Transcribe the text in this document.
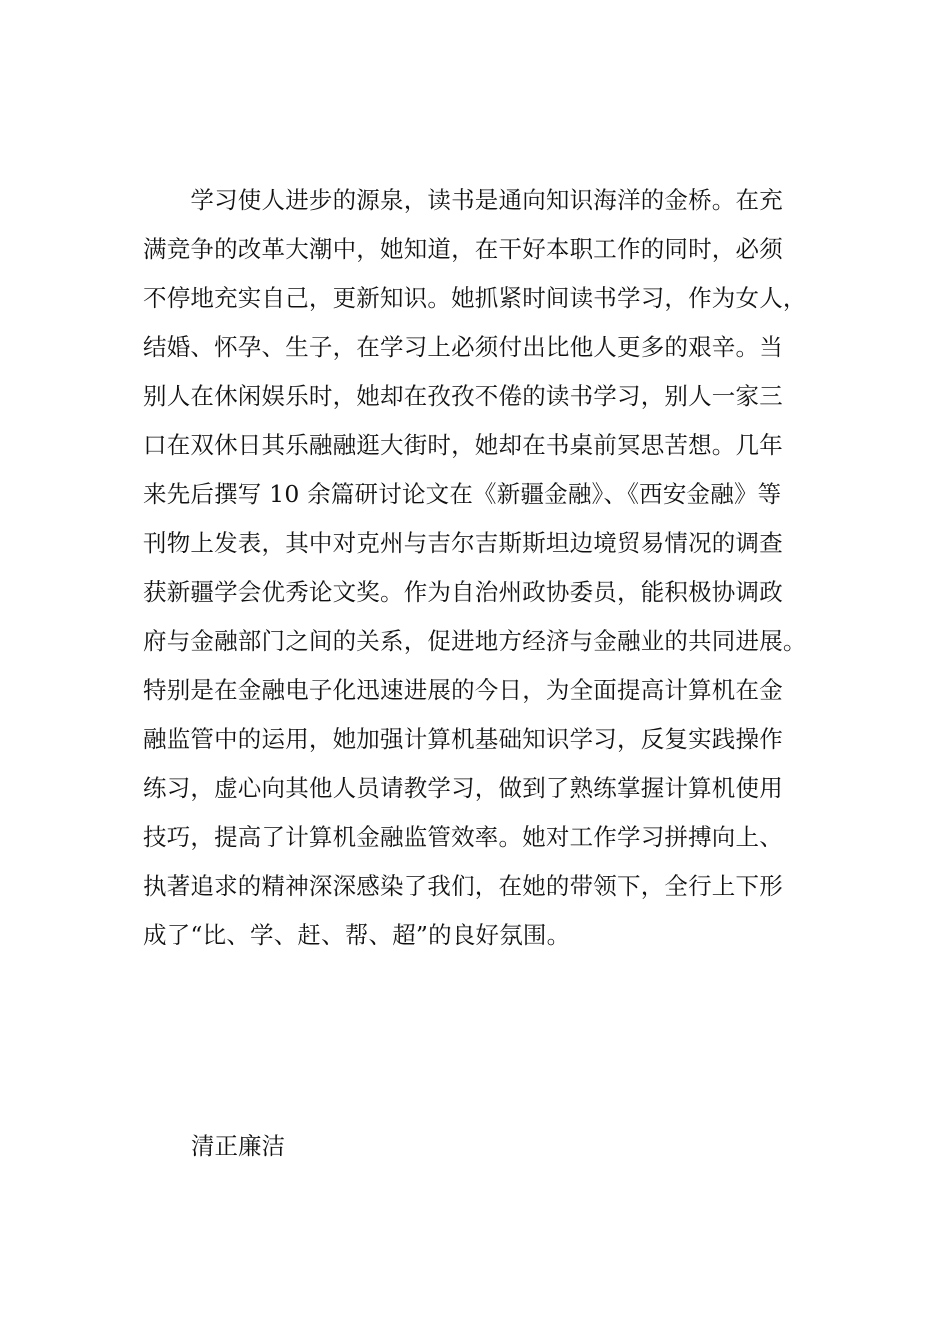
　　学习使人进步的源泉，读书是通向知识海洋的金桥。在充
满竞争的改革大潮中，她知道，在干好本职工作的同时，必须
不停地充实自己，更新知识。她抓紧时间读书学习，作为女人，
结婚、怀孕、生子，在学习上必须付出比他人更多的艰辛。当
别人在休闲娱乐时，她却在孜孜不倦的读书学习，别人一家三
口在双休日其乐融融逛大街时，她却在书桌前冥思苦想。几年
来先后撰写 10 余篇研讨论文在《新疆金融》、《西安金融》等
刊物上发表，其中对克州与吉尔吉斯斯坦边境贸易情况的调查
获新疆学会优秀论文奖。作为自治州政协委员，能积极协调政
府与金融部门之间的关系，促进地方经济与金融业的共同进展。
特别是在金融电子化迅速进展的今日，为全面提高计算机在金
融监管中的运用，她加强计算机基础知识学习，反复实践操作
练习，虚心向其他人员请教学习，做到了熟练掌握计算机使用
技巧，提高了计算机金融监管效率。她对工作学习拼搏向上、
执著追求的精神深深感染了我们，在她的带领下，全行上下形
成了“比、学、赶、帮、超”的良好氛围。
清正廉洁
